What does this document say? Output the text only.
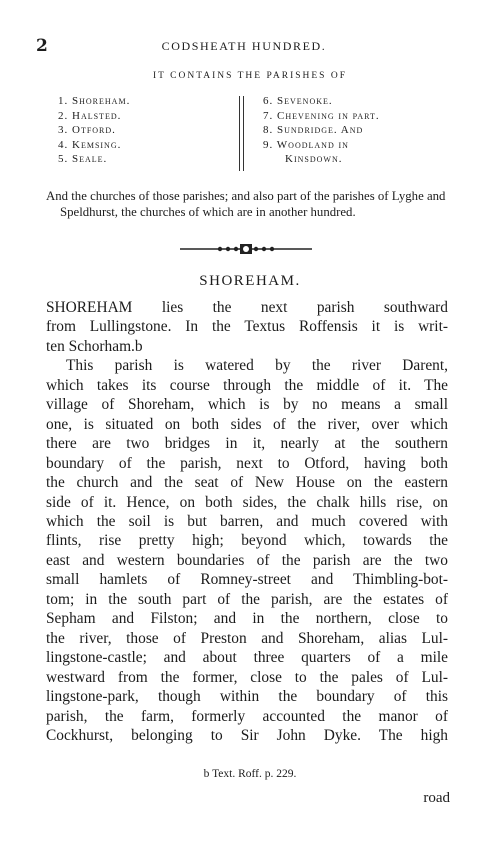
2	CODSHEATH HUNDRED.
IT CONTAINS THE PARISHES OF
1. Shoreham.
2. Halsted.
3. Otford.
4. Kemsing.
5. Seale.
6. Sevenoke.
7. Chevening in part.
8. Sundridge. And
9. Woodland in
Kinsdown.

And the churches of those parishes; and also part of the parishes of Lyghe and Speldhurst, the churches of which are in another hundred.

SHOREHAM.
SHOREHAM lies the next parish southward
from Lullingstone. In the Textus Roffensis it is writ-
ten Schorham.b
This parish is watered by the river Darent,
which takes its course through the middle of it. The
village of Shoreham, which is by no means a small
one, is situated on both sides of the river, over which
there are two bridges in it, nearly at the southern
boundary of the parish, next to Otford, having both
the church and the seat of New House on the eastern
side of it. Hence, on both sides, the chalk hills rise, on
which the soil is but barren, and much covered with
flints, rise pretty high; beyond which, towards the
east and western boundaries of the parish are the two
small hamlets of Romney-street and Thimbling-bot-
tom; in the south part of the parish, are the estates of
Sepham and Filston; and in the northern, close to
the river, those of Preston and Shoreham, alias Lul-
lingstone-castle; and about three quarters of a mile
westward from the former, close to the pales of Lul-
lingstone-park, though within the boundary of this
parish, the farm, formerly accounted the manor of
Cockhurst, belonging to Sir John Dyke. The high
b Text. Roff. p. 229.
road
